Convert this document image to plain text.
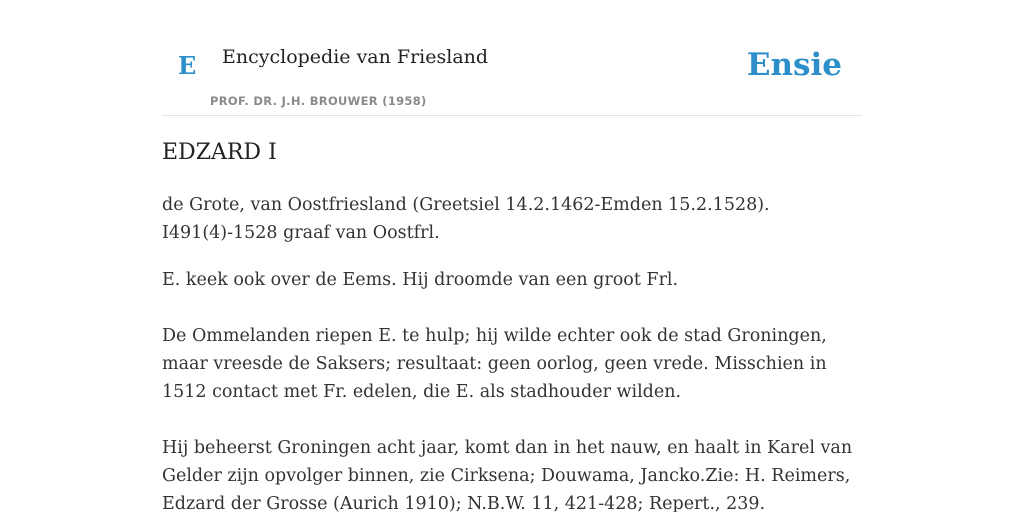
E Encyclopedie van Friesland
PROF. DR. J.H. BROUWER (1958)
Ensie
EDZARD I

de Grote, van Oostfriesland (Greetsiel 14.2.1462-Emden 15.2.1528). I491(4)-1528 graaf van Oostfrl.

E. keek ook over de Eems. Hij droomde van een groot Frl.

De Ommelanden riepen E. te hulp; hij wilde echter ook de stad Groningen, maar vreesde de Saksers; resultaat: geen oorlog, geen vrede. Misschien in 1512 contact met Fr. edelen, die E. als stadhouder wilden.

Hij beheerst Groningen acht jaar, komt dan in het nauw, en haalt in Karel van Gelder zijn opvolger binnen, zie Cirksena; Douwama, Jancko.Zie: H. Reimers, Edzard der Grosse (Aurich 1910); N.B.W. 11, 421-428; Repert., 239.
